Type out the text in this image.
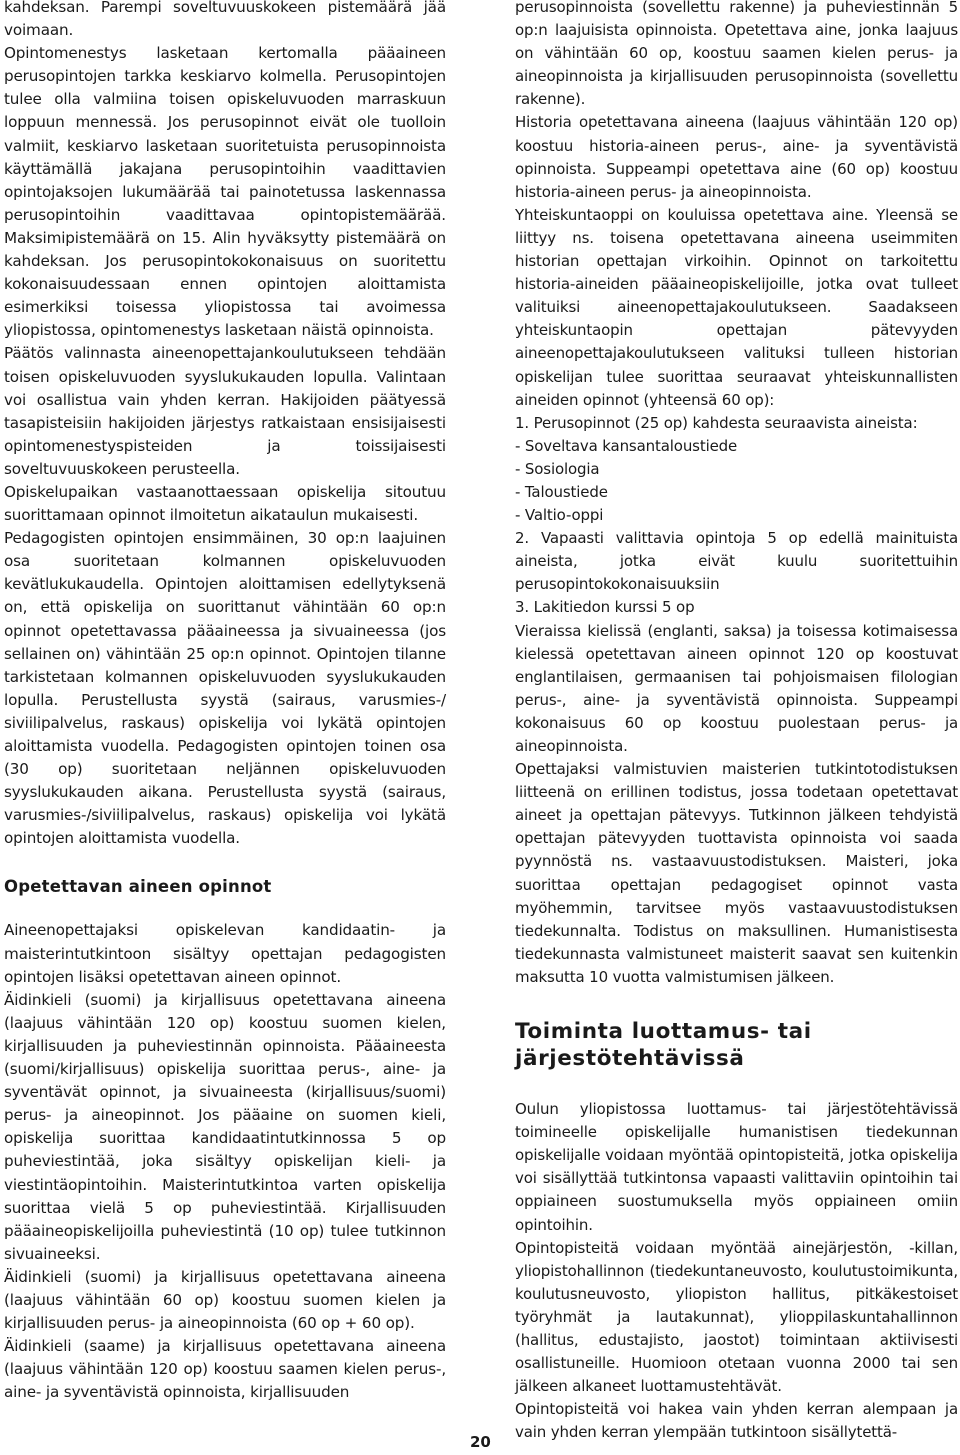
kahdeksan. Parempi soveltuvuuskokeen pistemäärä jää voimaan.

Opintomenestys lasketaan kertomalla pääaineen perusopintojen tarkka keskiarvo kolmella. Perusopintojen tulee olla valmiina toisen opiskeluvuoden marraskuun loppuun mennessä. Jos perusopinnot eivät ole tuolloin valmiit, keskiarvo lasketaan suoritetuista perusopinnoista käyttämällä jakajana perusopintoihin vaadittavien opintojaksojen lukumäärää tai painotetussa laskennassa perusopintoihin vaadittavaa opintopistemäärää. Maksimipistemäärä on 15. Alin hyväksytty pistemäärä on kahdeksan. Jos perusopintokokonaisuus on suoritettu kokonaisuudessaan ennen opintojen aloittamista esimerkiksi toisessa yliopistossa tai avoimessa yliopistossa, opintomenestys lasketaan näistä opinnoista.

Päätös valinnasta aineenopettajankoulutukseen tehdään toisen opiskeluvuoden syyslukukauden lopulla. Valintaan voi osallistua vain yhden kerran. Hakijoiden päätyessä tasapisteisiin hakijoiden järjestys ratkaistaan ensisijaisesti opintomenestyspisteiden ja toissijaisesti soveltuvuuskokeen perusteella.

Opiskelupaikan vastaanottaessaan opiskelija sitoutuu suorittamaan opinnot ilmoitetun aikataulun mukaisesti.

Pedagogisten opintojen ensimmäinen, 30 op:n laajuinen osa suoritetaan kolmannen opiskeluvuoden kevätlukukaudella. Opintojen aloittamisen edellytyksenä on, että opiskelija on suorittanut vähintään 60 op:n opinnot opetettavassa pääaineessa ja sivuaineessa (jos sellainen on) vähintään 25 op:n opinnot. Opintojen tilanne tarkistetaan kolmannen opiskeluvuoden syyslukukauden lopulla. Perustellusta syystä (sairaus, varusmies-/ siviilipalvelus, raskaus) opiskelija voi lykätä opintojen aloittamista vuodella. Pedagogisten opintojen toinen osa (30 op) suoritetaan neljännen opiskeluvuoden syyslukukauden aikana. Perustellusta syystä (sairaus, varusmies-/siviilipalvelus, raskaus) opiskelija voi lykätä opintojen aloittamista vuodella.

Opetettavan aineen opinnot

Aineenopettajaksi opiskelevan kandidaatin- ja maisterintutkintoon sisältyy opettajan pedagogisten opintojen lisäksi opetettavan aineen opinnot.

Äidinkieli (suomi) ja kirjallisuus opetettavana aineena (laajuus vähintään 120 op) koostuu suomen kielen, kirjallisuuden ja puheviestinnän opinnoista. Pääaineesta (suomi/kirjallisuus) opiskelija suorittaa perus-, aine- ja syventävät opinnot, ja sivuaineesta (kirjallisuus/suomi) perus- ja aineopinnot. Jos pääaine on suomen kieli, opiskelija suorittaa kandidaatintutkinnossa 5 op puheviestintää, joka sisältyy opiskelijan kieli- ja viestintäopintoihin. Maisterintutkintoa varten opiskelija suorittaa vielä 5 op puheviestintää. Kirjallisuuden pääaineopiskelijoilla puheviestintä (10 op) tulee tutkinnon sivuaineeksi.

Äidinkieli (suomi) ja kirjallisuus opetettavana aineena (laajuus vähintään 60 op) koostuu suomen kielen ja kirjallisuuden perus- ja aineopinnoista (60 op + 60 op).

Äidinkieli (saame) ja kirjallisuus opetettavana aineena (laajuus vähintään 120 op) koostuu saamen kielen perus-, aine- ja syventävistä opinnoista, kirjallisuuden

perusopinnoista (sovellettu rakenne) ja puheviestinnän 5 op:n laajuisista opinnoista. Opetettava aine, jonka laajuus on vähintään 60 op, koostuu saamen kielen perus- ja aineopinnoista ja kirjallisuuden perusopinnoista (sovellettu rakenne).

Historia opetettavana aineena (laajuus vähintään 120 op) koostuu historia-aineen perus-, aine- ja syventävistä opinnoista. Suppeampi opetettava aine (60 op) koostuu historia-aineen perus- ja aineopinnoista.

Yhteiskuntaoppi on kouluissa opetettava aine. Yleensä se liittyy ns. toisena opetettavana aineena useimmiten historian opettajan virkoihin. Opinnot on tarkoitettu historia-aineiden pääaineopiskelijoille, jotka ovat tulleet valituiksi aineenopettajakoulutukseen. Saadakseen yhteiskuntaopin opettajan pätevyyden aineenopettajakoulutukseen valituksi tulleen historian opiskelijan tulee suorittaa seuraavat yhteiskunnallisten aineiden opinnot (yhteensä 60 op):

1. Perusopinnot (25 op) kahdesta seuraavista aineista:

- Soveltava kansantaloustiede

- Sosiologia

- Taloustiede

- Valtio-oppi

2. Vapaasti valittavia opintoja 5 op edellä mainituista aineista, jotka eivät kuulu suoritettuihin perusopintokokonaisuuksiin

3. Lakitiedon kurssi 5 op

Vieraissa kielissä (englanti, saksa) ja toisessa kotimaisessa kielessä opetettavan aineen opinnot 120 op koostuvat englantilaisen, germaanisen tai pohjoismaisen filologian perus-, aine- ja syventävistä opinnoista. Suppeampi kokonaisuus 60 op koostuu puolestaan perus- ja aineopinnoista.

Opettajaksi valmistuvien maisterien tutkintotodistuksen liitteenä on erillinen todistus, jossa todetaan opetettavat aineet ja opettajan pätevyys. Tutkinnon jälkeen tehdyistä opettajan pätevyyden tuottavista opinnoista voi saada pyynnöstä ns. vastaavuustodistuksen. Maisteri, joka suorittaa opettajan pedagogiset opinnot vasta myöhemmin, tarvitsee myös vastaavuustodistuksen tiedekunnalta. Todistus on maksullinen. Humanistisesta tiedekunnasta valmistuneet maisterit saavat sen kuitenkin maksutta 10 vuotta valmistumisen jälkeen.

Toiminta luottamus- tai järjestötehtävissä

Oulun yliopistossa luottamus- tai järjestötehtävissä toimineelle opiskelijalle humanistisen tiedekunnan opiskelijalle voidaan myöntää opintopisteitä, jotka opiskelija voi sisällyttää tutkintonsa vapaasti valittaviin opintoihin tai oppiaineen suostumuksella myös oppiaineen omiin opintoihin.

Opintopisteitä voidaan myöntää ainejärjestön, -killan, yliopistohallinnon (tiedekuntaneuvosto, koulutustoimikunta, koulutusneuvosto, yliopiston hallitus, pitkäkestoiset työryhmät ja lautakunnat), ylioppilaskuntahallinnon (hallitus, edustajisto, jaostot) toimintaan aktiivisesti osallistuneille. Huomioon otetaan vuonna 2000 tai sen jälkeen alkaneet luottamustehtävät.

Opintopisteitä voi hakea vain yhden kerran alempaan ja vain yhden kerran ylempään tutkintoon sisällytettä-

20
